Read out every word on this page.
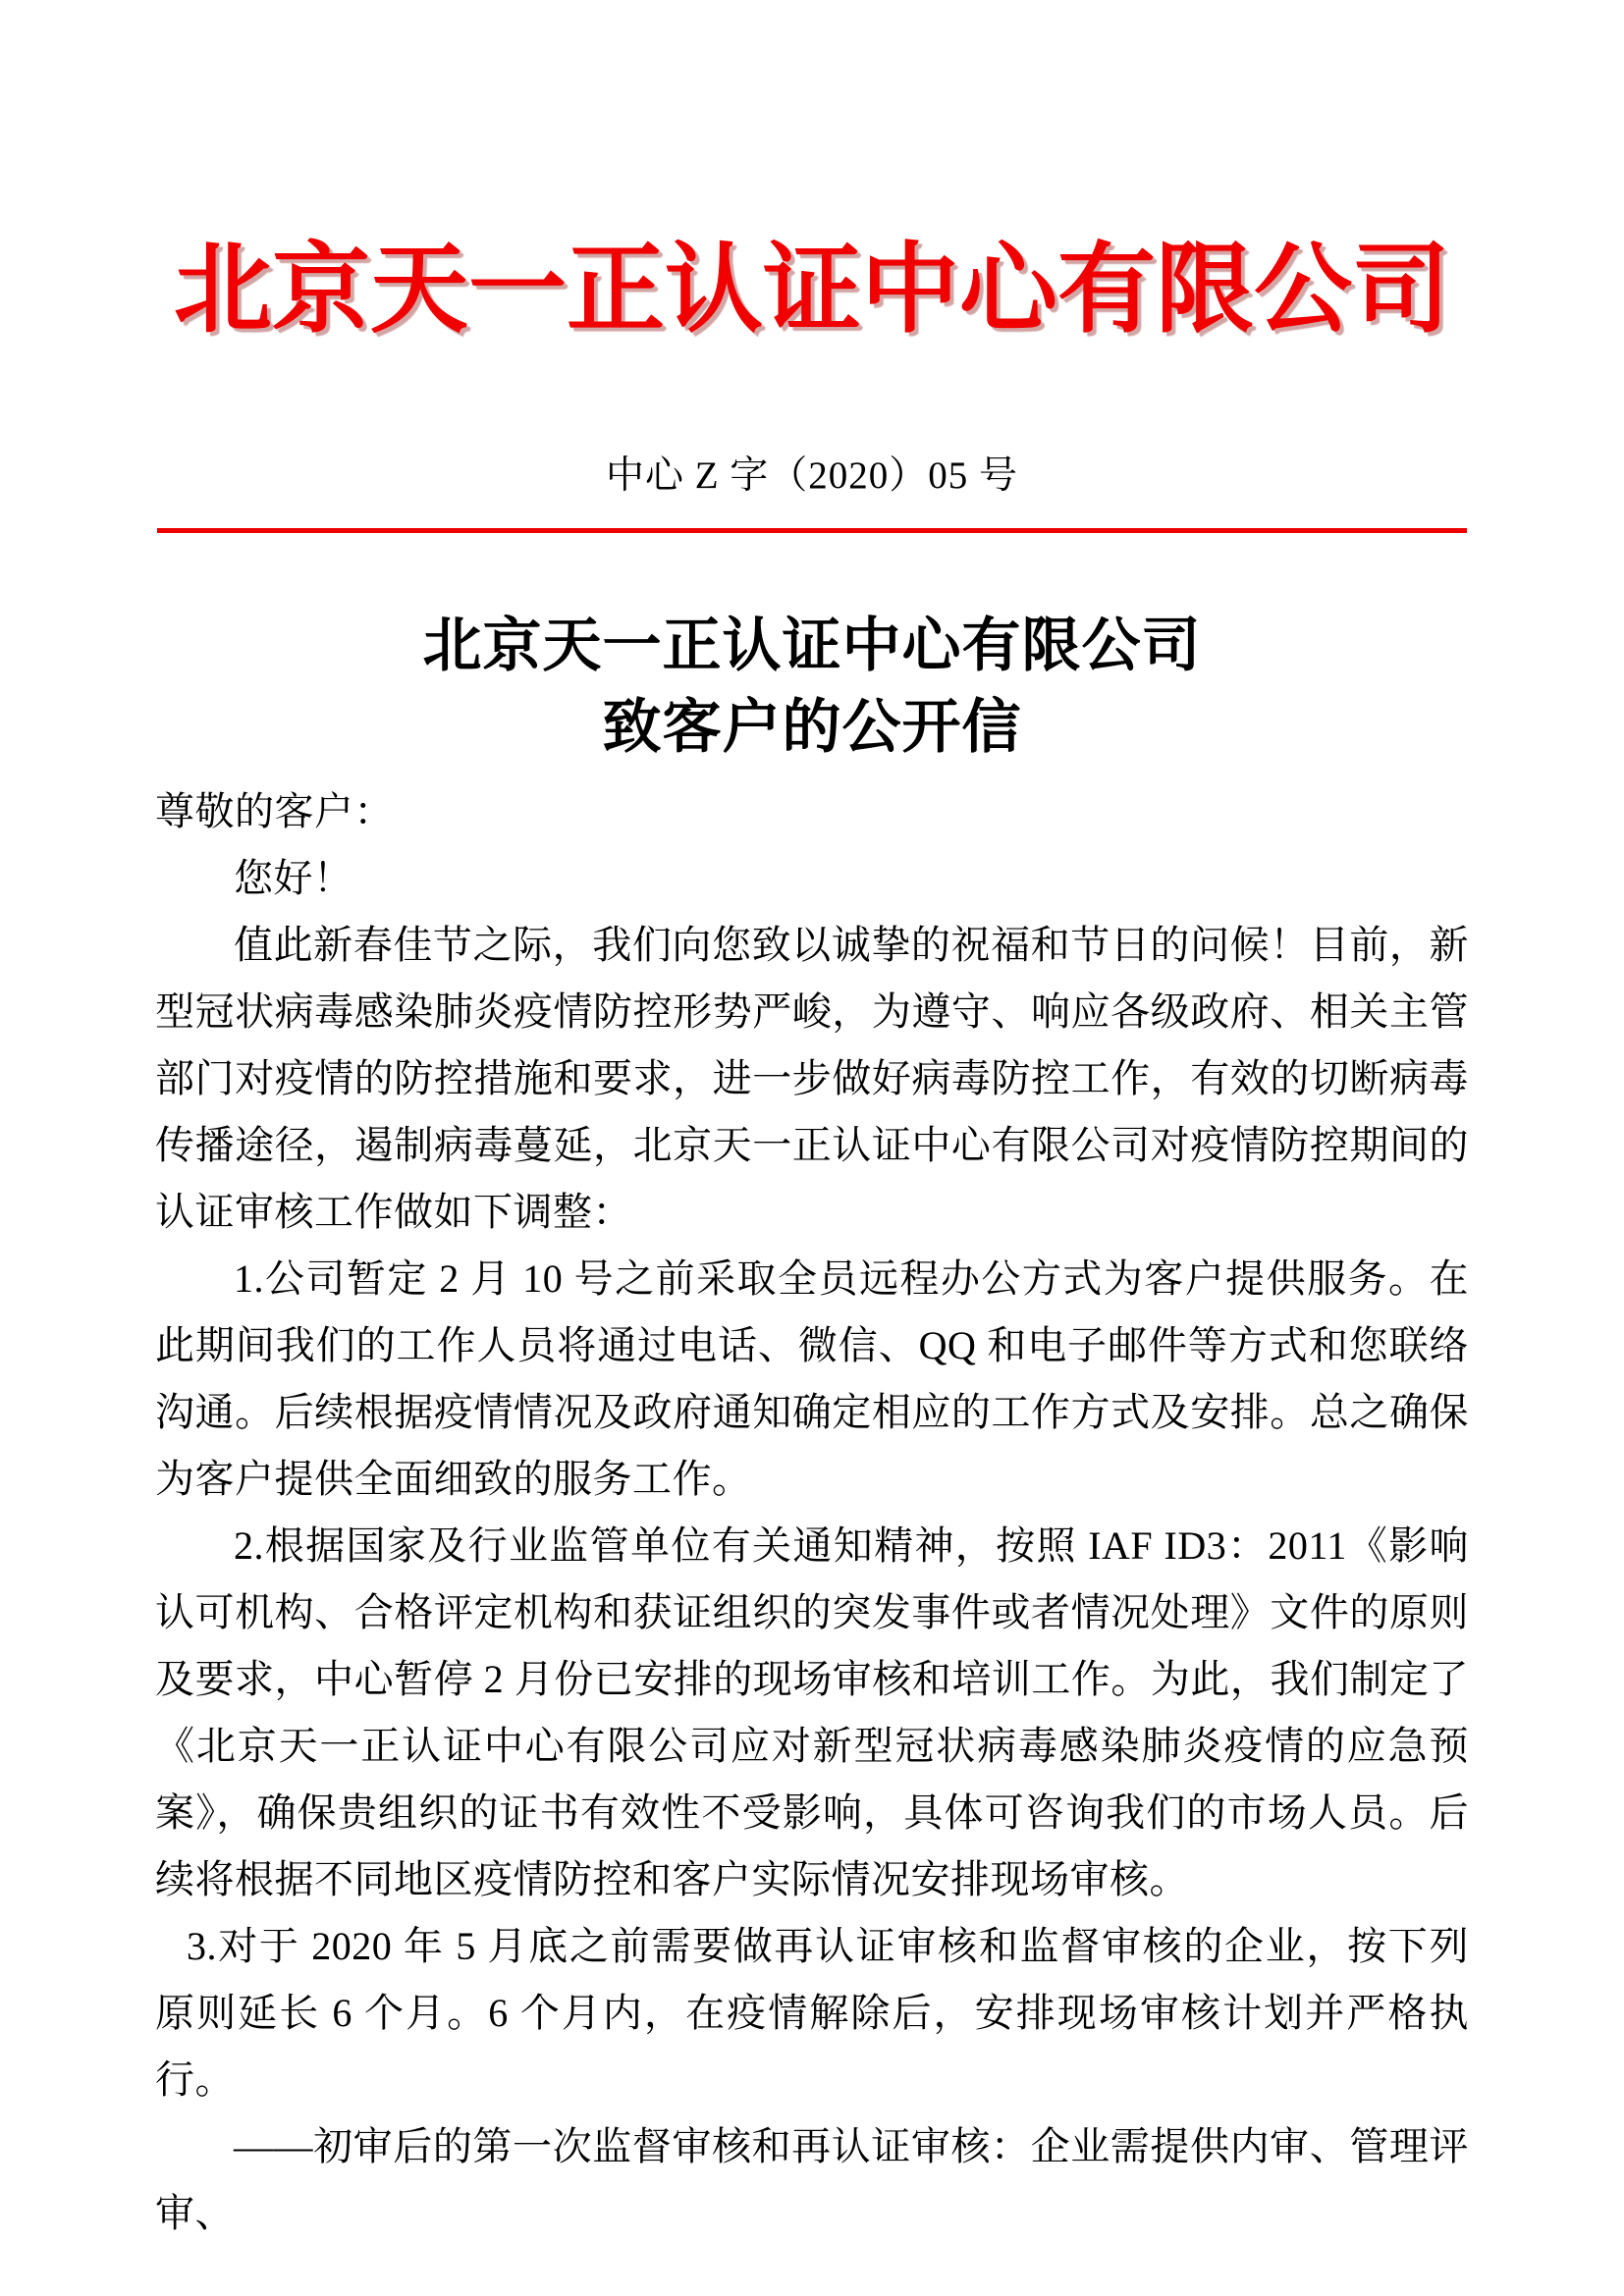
北京天一正认证中心有限公司
中心 Z 字（2020）05 号
北京天一正认证中心有限公司
致客户的公开信

尊敬的客户：

您好！

值此新春佳节之际，我们向您致以诚挚的祝福和节日的问候！目前，新型冠状病毒感染肺炎疫情防控形势严峻，为遵守、响应各级政府、相关主管部门对疫情的防控措施和要求，进一步做好病毒防控工作，有效的切断病毒传播途径，遏制病毒蔓延，北京天一正认证中心有限公司对疫情防控期间的认证审核工作做如下调整：

1.公司暂定 2 月 10 号之前采取全员远程办公方式为客户提供服务。在此期间我们的工作人员将通过电话、微信、QQ 和电子邮件等方式和您联络沟通。后续根据疫情情况及政府通知确定相应的工作方式及安排。总之确保为客户提供全面细致的服务工作。

2.根据国家及行业监管单位有关通知精神，按照 IAF ID3：2011《影响认可机构、合格评定机构和获证组织的突发事件或者情况处理》文件的原则及要求，中心暂停 2 月份已安排的现场审核和培训工作。为此，我们制定了《北京天一正认证中心有限公司应对新型冠状病毒感染肺炎疫情的应急预案》，确保贵组织的证书有效性不受影响，具体可咨询我们的市场人员。后续将根据不同地区疫情防控和客户实际情况安排现场审核。

3.对于 2020 年 5 月底之前需要做再认证审核和监督审核的企业，按下列原则延长 6 个月。6 个月内，在疫情解除后，安排现场审核计划并严格执行。

——初审后的第一次监督审核和再认证审核：企业需提供内审、管理评审、
